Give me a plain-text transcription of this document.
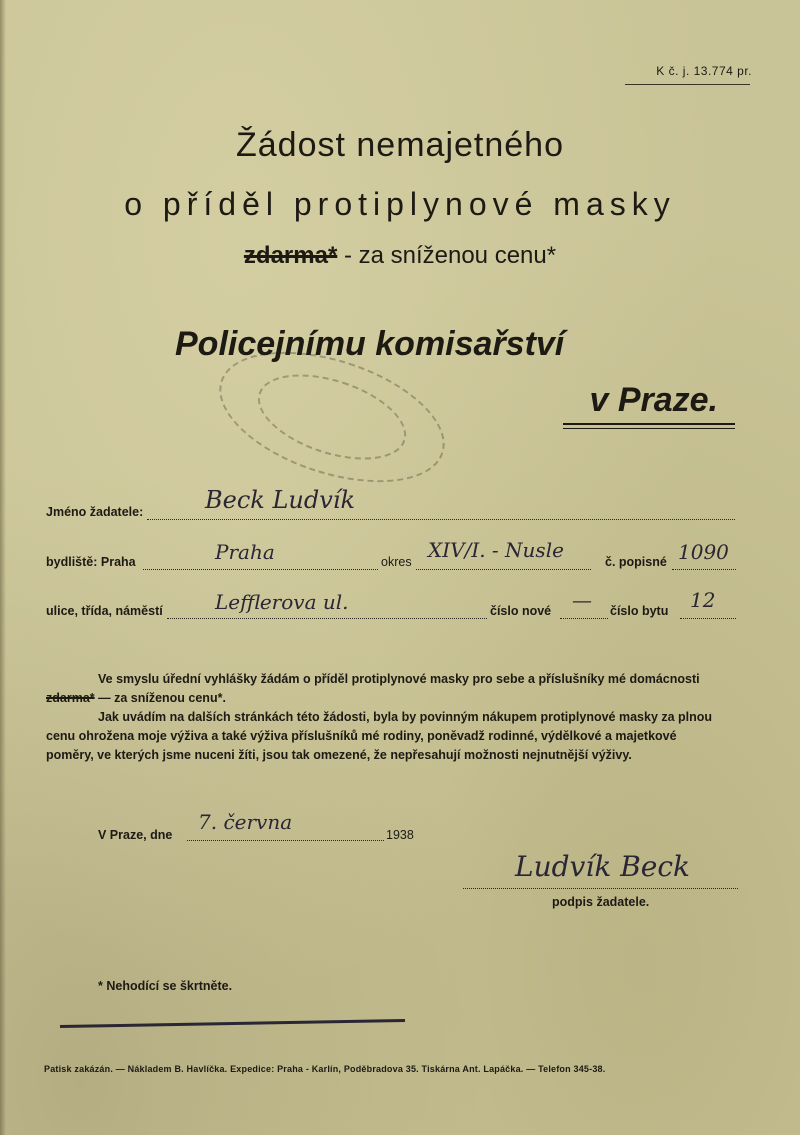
K č. j. 13.774 pr.
Žádost nemajetného
o příděl protiplynové masky
zdarma* - za sníženou cenu*
Policejnímu komisařství
v Praze.
Jméno žadatele:	Beck Ludvík
bydliště: Praha	Praha	okres XIV/I. - Nusle	č. popisné 1090
ulice, třída, náměstí	Lefflerova ul.	číslo nové — číslo bytu 12
Ve smyslu úřední vyhlášky žádám o příděl protiplynové masky pro sebe a příslušníky mé domácnosti
zdarma* — za sníženou cenu*.
Jak uvádím na dalších stránkách této žádosti, byla by povinným nákupem protiplynové masky za plnou
cenu ohrožena moje výživa a také výživa příslušníků mé rodiny, poněvadž rodinné, výdělkové a majetkové
poměry, ve kterých jsme nuceni žíti, jsou tak omezené, že nepřesahují možnosti nejnutnější výživy.
V Praze, dne
7. června
1938
Ludvík Beck
podpis žadatele.
* Nehodící se škrtněte.
Patisk zakázán. — Nákladem B. Havlíčka. Expedice: Praha - Karlín, Poděbradova 35. Tiskárna Ant. Lapáčka. — Telefon 345-38.
